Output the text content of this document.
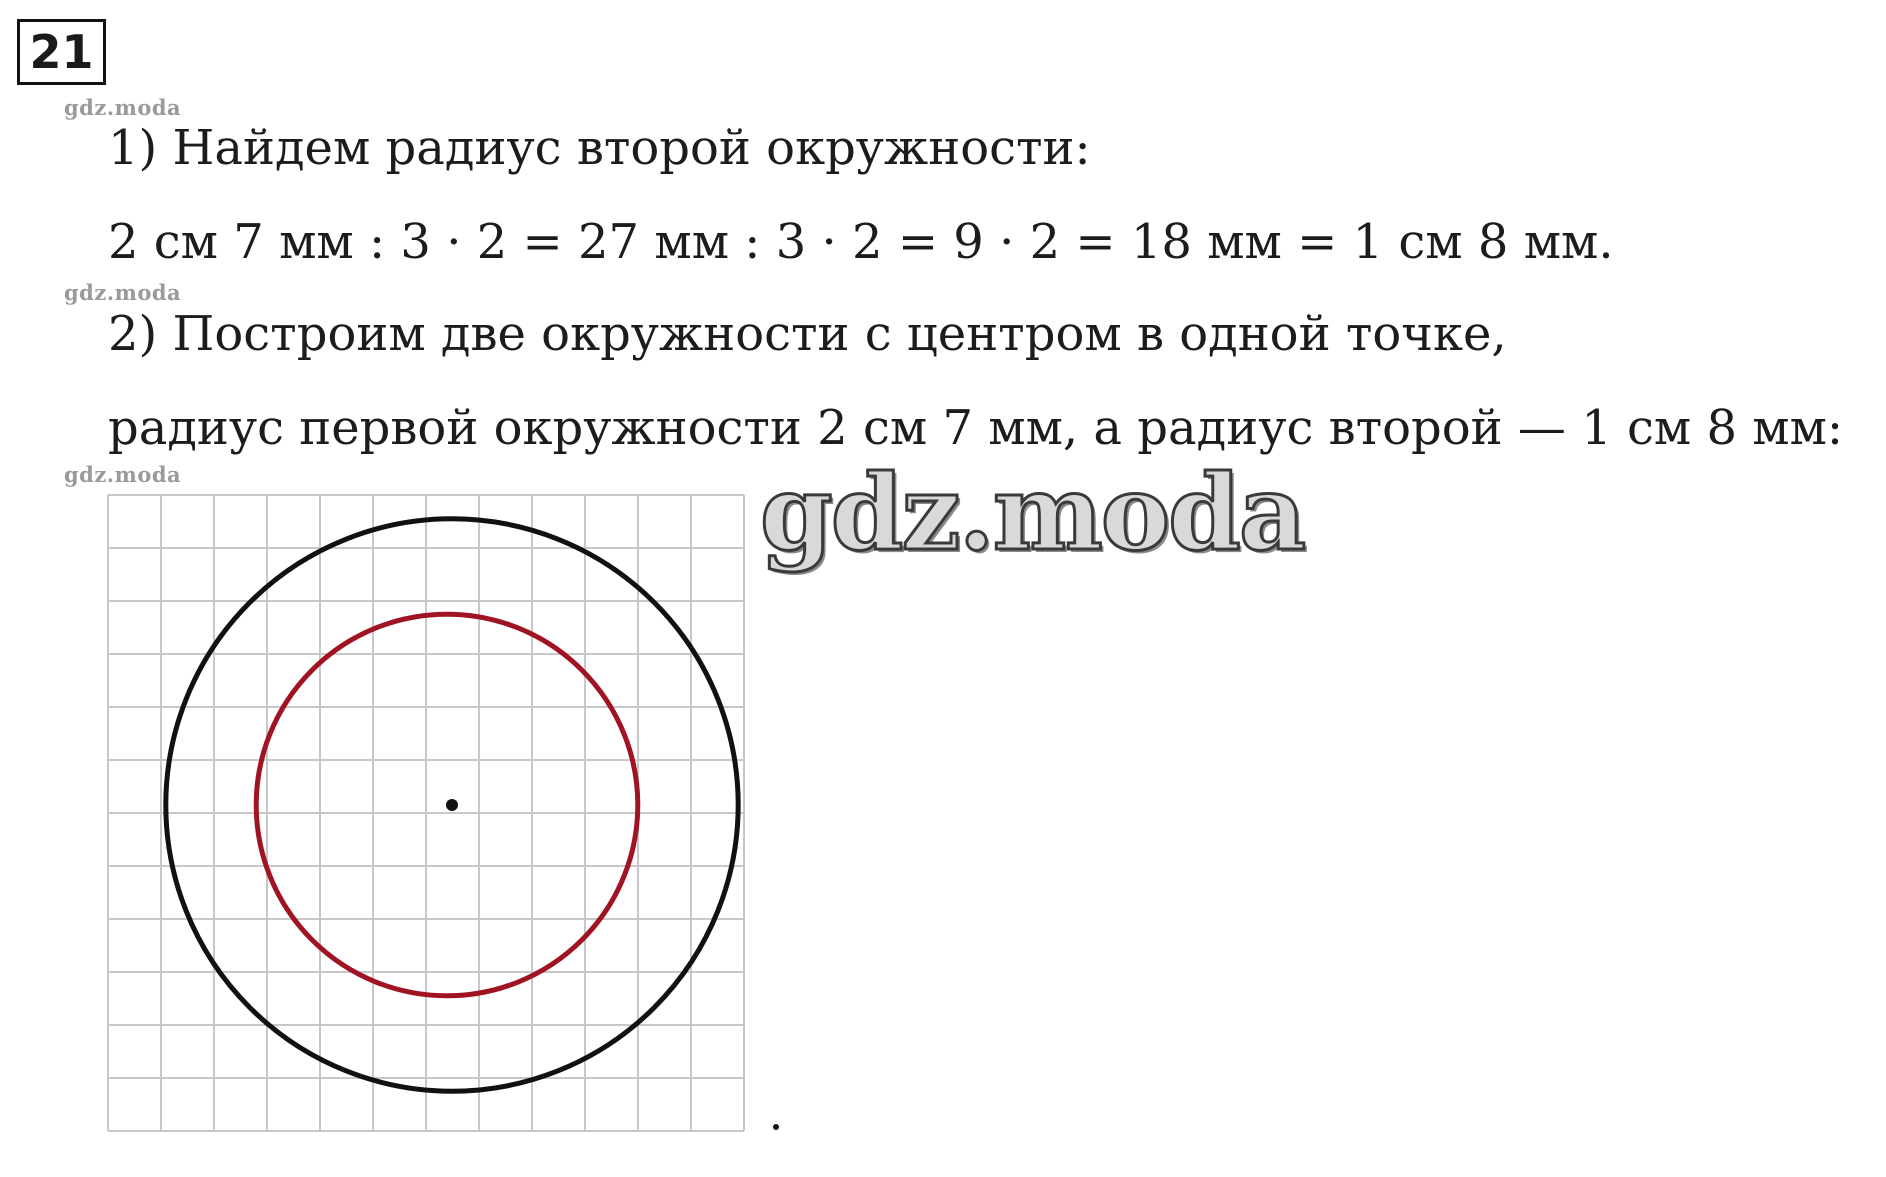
21
gdz.moda
1) Найдем радиус второй окружности:
2 см 7 мм : 3 · 2 = 27 мм : 3 · 2 = 9 · 2 = 18 мм = 1 см 8 мм.
gdz.moda
2) Построим две окружности с центром в одной точке,
радиус первой окружности 2 см 7 мм, а радиус второй — 1 см 8 мм:
gdz.moda	gdz.moda
